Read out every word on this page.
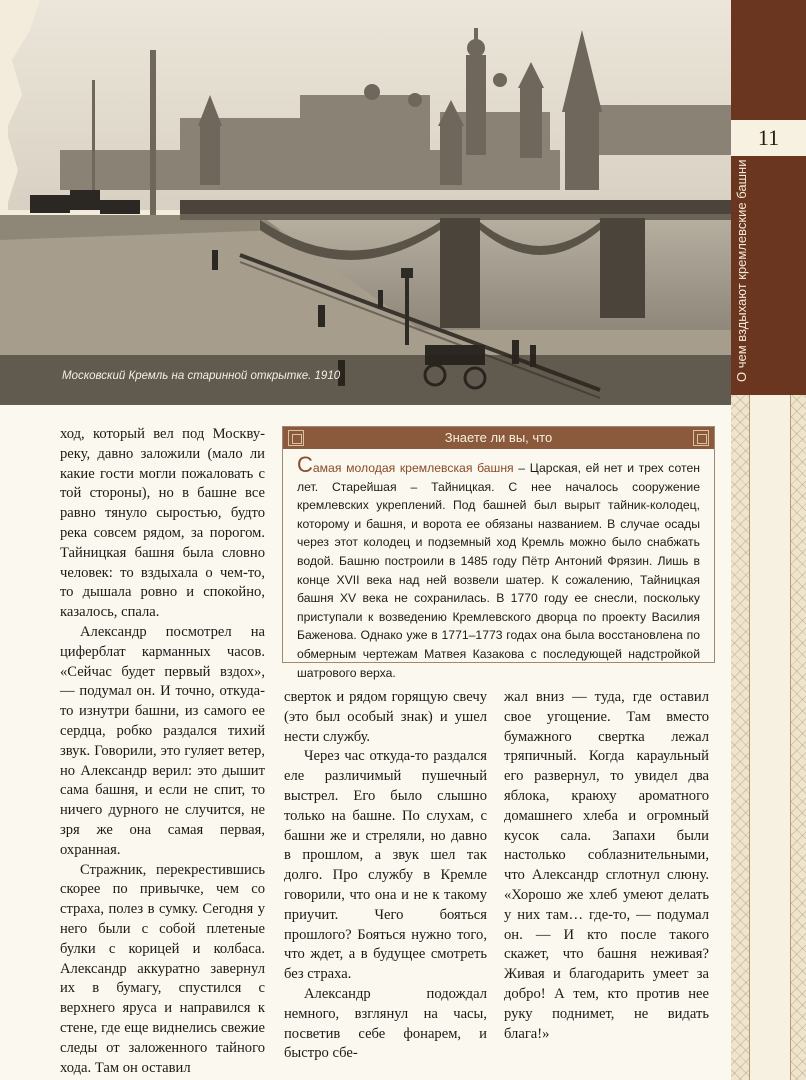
Московский Кремль на старинной открытке. 1910
11

ход, который вел под Москву-реку, давно заложили (мало ли какие гости могли пожаловать с той стороны), но в башне все равно тянуло сыростью, будто река совсем рядом, за порогом. Тайницкая башня была словно человек: то вздыхала о чем-то, то дышала ровно и спокойно, казалось, спала.

Александр посмотрел на циферблат карманных часов. «Сейчас будет первый вздох», — подумал он. И точно, откуда-то изнутри башни, из самого ее сердца, робко раздался тихий звук. Говорили, это гуляет ветер, но Александр верил: это дышит сама башня, и если не спит, то ничего дурного не случится, не зря же она самая первая, охранная.

Стражник, перекрестившись скорее по привычке, чем со страха, полез в сумку. Сегодня у него были с собой плетеные булки с корицей и колбаса. Александр аккуратно завернул их в бумагу, спустился с верхнего яруса и направился к стене, где еще виднелись свежие следы от заложенного тайного хода. Там он оставил

Знаете ли вы, что
Самая молодая кремлевская башня – Царская, ей нет и трех сотен лет. Старейшая – Тайницкая. С нее началось сооружение кремлевских укреплений. Под башней был вырыт тайник-колодец, которому и башня, и ворота ее обязаны названием. В случае осады через этот колодец и подземный ход Кремль можно было снабжать водой. Башню построили в 1485 году Пётр Антоний Фрязин. Лишь в конце XVII века над ней возвели шатер. К сожалению, Тайницкая башня XV века не сохранилась. В 1770 году ее снесли, поскольку приступали к возведению Кремлевского дворца по проекту Василия Баженова. Однако уже в 1771–1773 годах она была восстановлена по обмерным чертежам Матвея Казакова с последующей надстройкой шатрового верха.

сверток и рядом горящую свечу (это был особый знак) и ушел нести службу.

Через час откуда-то раздался еле различимый пушечный выстрел. Его было слышно только на башне. По слухам, с башни же и стреляли, но давно в прошлом, а звук шел так долго. Про службу в Кремле говорили, что она и не к такому приучит. Чего бояться прошлого? Бояться нужно того, что ждет, а в будущее смотреть без страха.

Александр подождал немного, взглянул на часы, посветив себе фонарем, и быстро сбе-

жал вниз — туда, где оставил свое угощение. Там вместо бумажного свертка лежал тряпичный. Когда караульный его развернул, то увидел два яблока, краюху ароматного домашнего хлеба и огромный кусок сала. Запахи были настолько соблазнительными, что Александр сглотнул слюну. «Хорошо же хлеб умеют делать у них там… где-то, — подумал он. — И кто после такого скажет, что башня неживая? Живая и благодарить умеет за добро! А тем, кто против нее руку поднимет, не видать блага!»
